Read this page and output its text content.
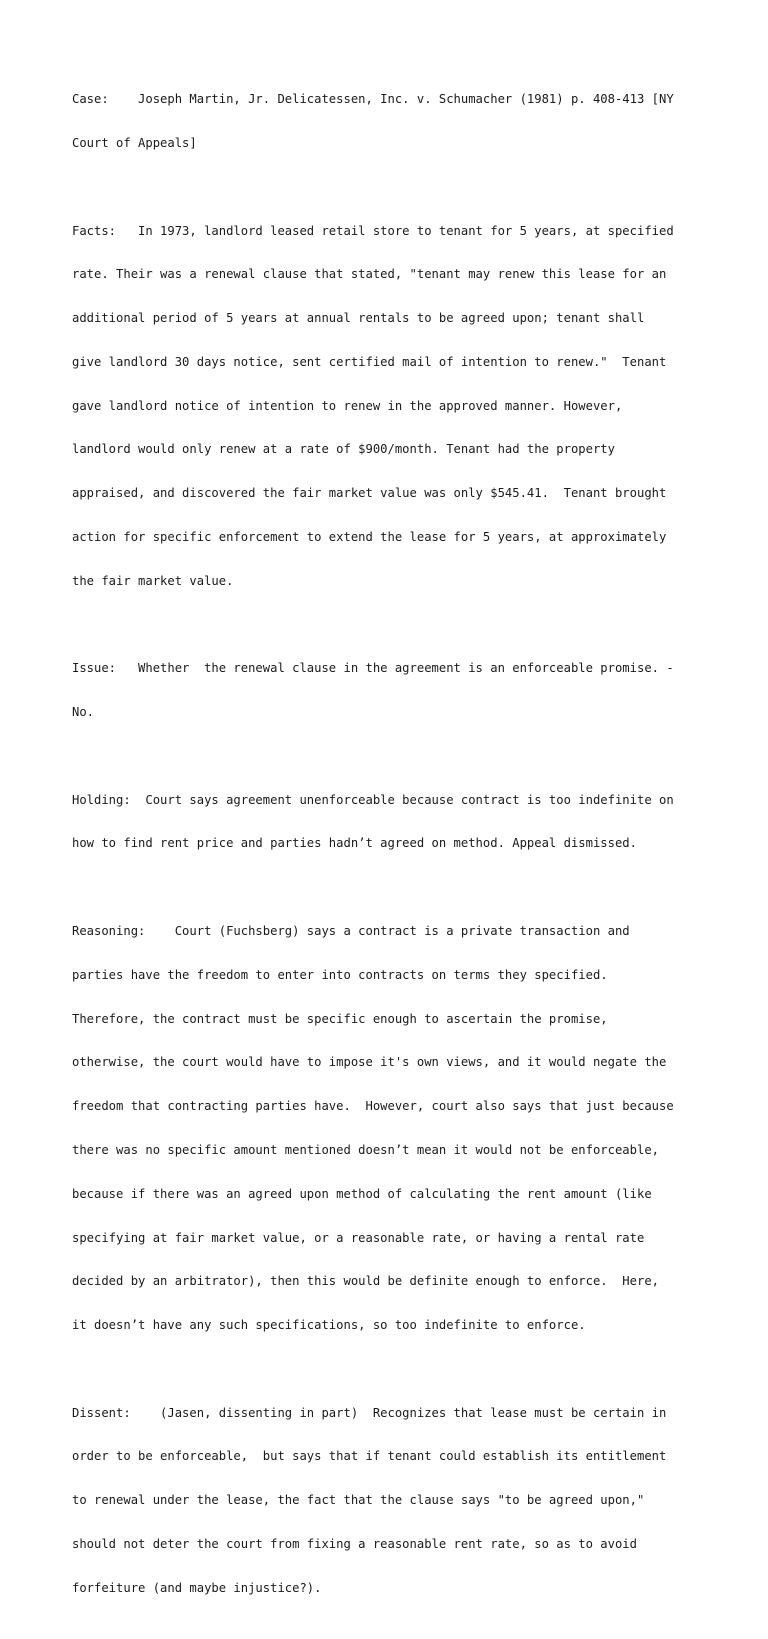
Case:    Joseph Martin, Jr. Delicatessen, Inc. v. Schumacher (1981) p. 408-413 [NY

Court of Appeals]

Facts:   In 1973, landlord leased retail store to tenant for 5 years, at specified

rate. Their was a renewal clause that stated, "tenant may renew this lease for an

additional period of 5 years at annual rentals to be agreed upon; tenant shall

give landlord 30 days notice, sent certified mail of intention to renew."  Tenant

gave landlord notice of intention to renew in the approved manner. However,

landlord would only renew at a rate of $900/month. Tenant had the property

appraised, and discovered the fair market value was only $545.41.  Tenant brought

action for specific enforcement to extend the lease for 5 years, at approximately

the fair market value.

Issue:   Whether  the renewal clause in the agreement is an enforceable promise. -

No.

Holding:  Court says agreement unenforceable because contract is too indefinite on

how to find rent price and parties hadn’t agreed on method. Appeal dismissed.

Reasoning:    Court (Fuchsberg) says a contract is a private transaction and

parties have the freedom to enter into contracts on terms they specified.

Therefore, the contract must be specific enough to ascertain the promise,

otherwise, the court would have to impose it's own views, and it would negate the

freedom that contracting parties have.  However, court also says that just because

there was no specific amount mentioned doesn’t mean it would not be enforceable,

because if there was an agreed upon method of calculating the rent amount (like

specifying at fair market value, or a reasonable rate, or having a rental rate

decided by an arbitrator), then this would be definite enough to enforce.  Here,

it doesn’t have any such specifications, so too indefinite to enforce.

Dissent:    (Jasen, dissenting in part)  Recognizes that lease must be certain in

order to be enforceable,  but says that if tenant could establish its entitlement

to renewal under the lease, the fact that the clause says "to be agreed upon,"

should not deter the court from fixing a reasonable rent rate, so as to avoid

forfeiture (and maybe injustice?).
